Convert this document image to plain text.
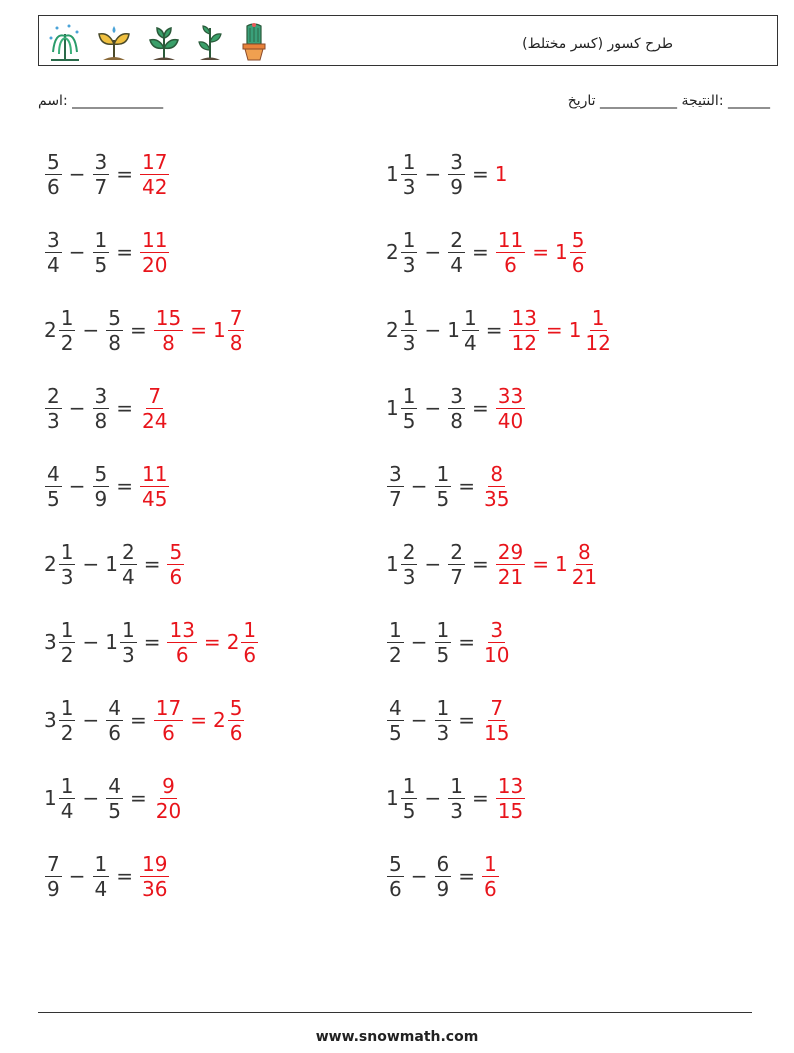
طرح كسور (كسر مختلط)
اسم: _____________	النتيجة ___________ تاريخ: ______
$\frac{5}{6} - \frac{3}{7} = \frac{17}{42}$
$\frac{3}{4} - \frac{1}{5} = \frac{11}{20}$
$2 \frac{1}{2} - \frac{5}{8} = \frac{15}{8} = 1 \frac{7}{8}$
$\frac{2}{3} - \frac{3}{8} = \frac{7}{24}$
$\frac{4}{5} - \frac{5}{9} = \frac{11}{45}$
$2 \frac{1}{3} - 1 \frac{2}{4} = \frac{5}{6}$
$3 \frac{1}{2} - 1 \frac{1}{3} = \frac{13}{6} = 2 \frac{1}{6}$
$3 \frac{1}{2} - \frac{4}{6} = \frac{17}{6} = 2 \frac{5}{6}$
$1 \frac{1}{4} - \frac{4}{5} = \frac{9}{20}$
$\frac{7}{9} - \frac{1}{4} = \frac{19}{36}$
$1 \frac{1}{3} - \frac{3}{9} = 1$
$2 \frac{1}{3} - \frac{2}{4} = \frac{11}{6} = 1 \frac{5}{6}$
$2 \frac{1}{3} - 1 \frac{1}{4} = \frac{13}{12} = 1 \frac{1}{12}$
$1 \frac{1}{5} - \frac{3}{8} = \frac{33}{40}$
$\frac{3}{7} - \frac{1}{5} = \frac{8}{35}$
$1 \frac{2}{3} - \frac{2}{7} = \frac{29}{21} = 1 \frac{8}{21}$
$\frac{1}{2} - \frac{1}{5} = \frac{3}{10}$
$\frac{4}{5} - \frac{1}{3} = \frac{7}{15}$
$1 \frac{1}{5} - \frac{1}{3} = \frac{13}{15}$
$\frac{5}{6} - \frac{6}{9} = \frac{1}{6}$
www.snowmath.com
